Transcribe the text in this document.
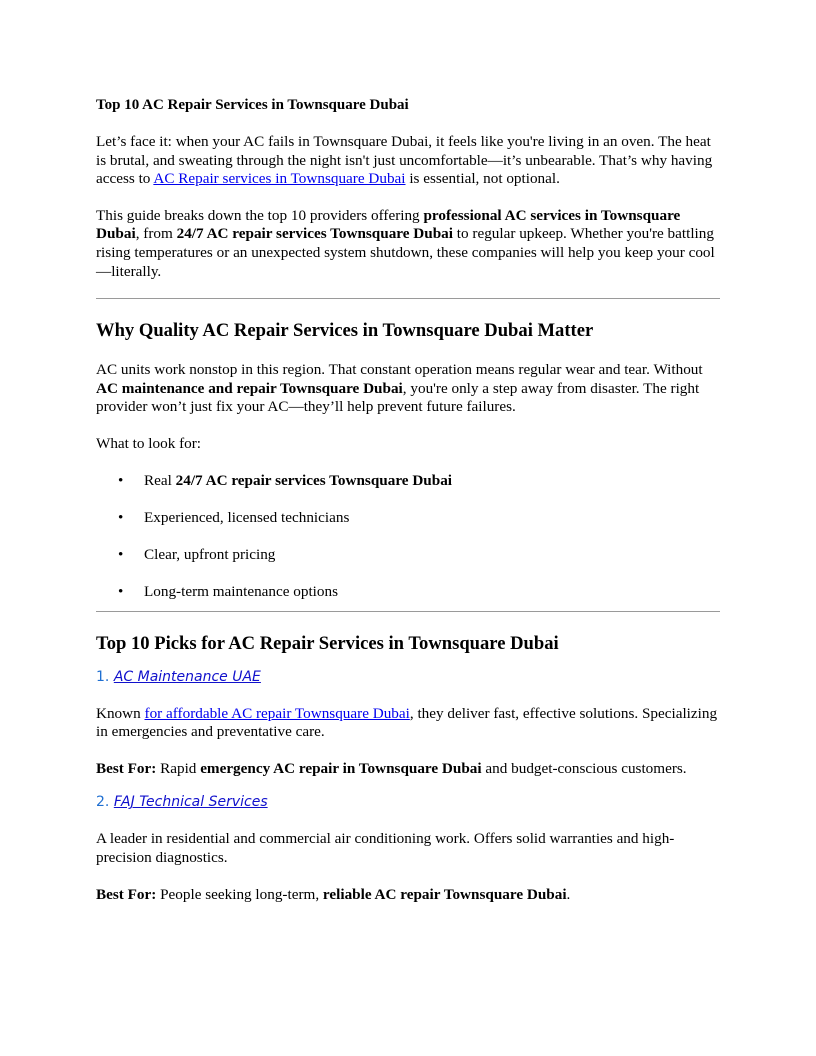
Top 10 AC Repair Services in Townsquare Dubai

Let’s face it: when your AC fails in Townsquare Dubai, it feels like you're living in an oven. The heat is brutal, and sweating through the night isn't just uncomfortable—it’s unbearable. That’s why having access to AC Repair services in Townsquare Dubai is essential, not optional.

This guide breaks down the top 10 providers offering professional AC services in Townsquare Dubai, from 24/7 AC repair services Townsquare Dubai to regular upkeep. Whether you're battling rising temperatures or an unexpected system shutdown, these companies will help you keep your cool—literally.

Why Quality AC Repair Services in Townsquare Dubai Matter

AC units work nonstop in this region. That constant operation means regular wear and tear. Without AC maintenance and repair Townsquare Dubai, you're only a step away from disaster. The right provider won’t just fix your AC—they’ll help prevent future failures.

What to look for:

• Real 24/7 AC repair services Townsquare Dubai
• Experienced, licensed technicians
• Clear, upfront pricing
• Long-term maintenance options
Top 10 Picks for AC Repair Services in Townsquare Dubai
1. AC Maintenance UAE

Known for affordable AC repair Townsquare Dubai, they deliver fast, effective solutions. Specializing in emergencies and preventative care.

Best For: Rapid emergency AC repair in Townsquare Dubai and budget-conscious customers.

2. FAJ Technical Services

A leader in residential and commercial air conditioning work. Offers solid warranties and high-precision diagnostics.

Best For: People seeking long-term, reliable AC repair Townsquare Dubai.
